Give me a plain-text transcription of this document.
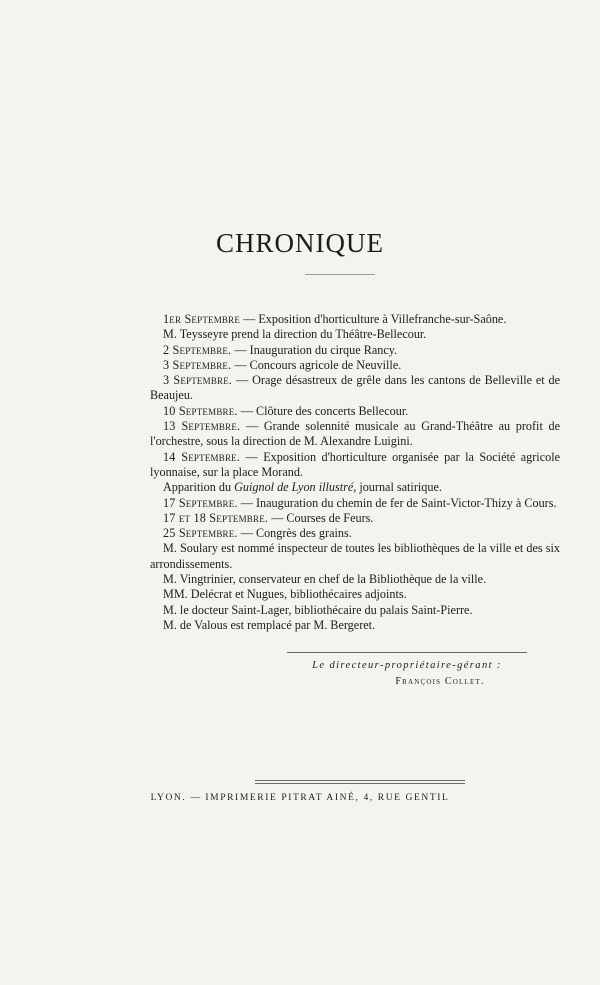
CHRONIQUE

1er Septembre — Exposition d'horticulture à Villefranche-sur-Saône.

M. Teysseyre prend la direction du Théâtre-Bellecour.

2 Septembre. — Inauguration du cirque Rancy.

3 Septembre. — Concours agricole de Neuville.

3 Septembre. — Orage désastreux de grêle dans les cantons de Belleville et de Beaujeu.

10 Septembre. — Clôture des concerts Bellecour.

13 Septembre. — Grande solennité musicale au Grand-Théâtre au profit de l'orchestre, sous la direction de M. Alexandre Luigini.

14 Septembre. — Exposition d'horticulture organisée par la Société agricole lyonnaise, sur la place Morand.

Apparition du Guignol de Lyon illustré, journal satirique.

17 Septembre. — Inauguration du chemin de fer de Saint-Victor-Thizy à Cours.

17 et 18 Septembre. — Courses de Feurs.

25 Septembre. — Congrès des grains.

M. Soulary est nommé inspecteur de toutes les bibliothèques de la ville et des six arrondissements.

M. Vingtrinier, conservateur en chef de la Bibliothèque de la ville.

MM. Delécrat et Nugues, bibliothécaires adjoints.

M. le docteur Saint-Lager, bibliothécaire du palais Saint-Pierre.

M. de Valous est remplacé par M. Bergeret.

Le directeur-propriétaire-gérant :
François Collet.
LYON. — IMPRIMERIE PITRAT AINÉ, 4, RUE GENTIL
